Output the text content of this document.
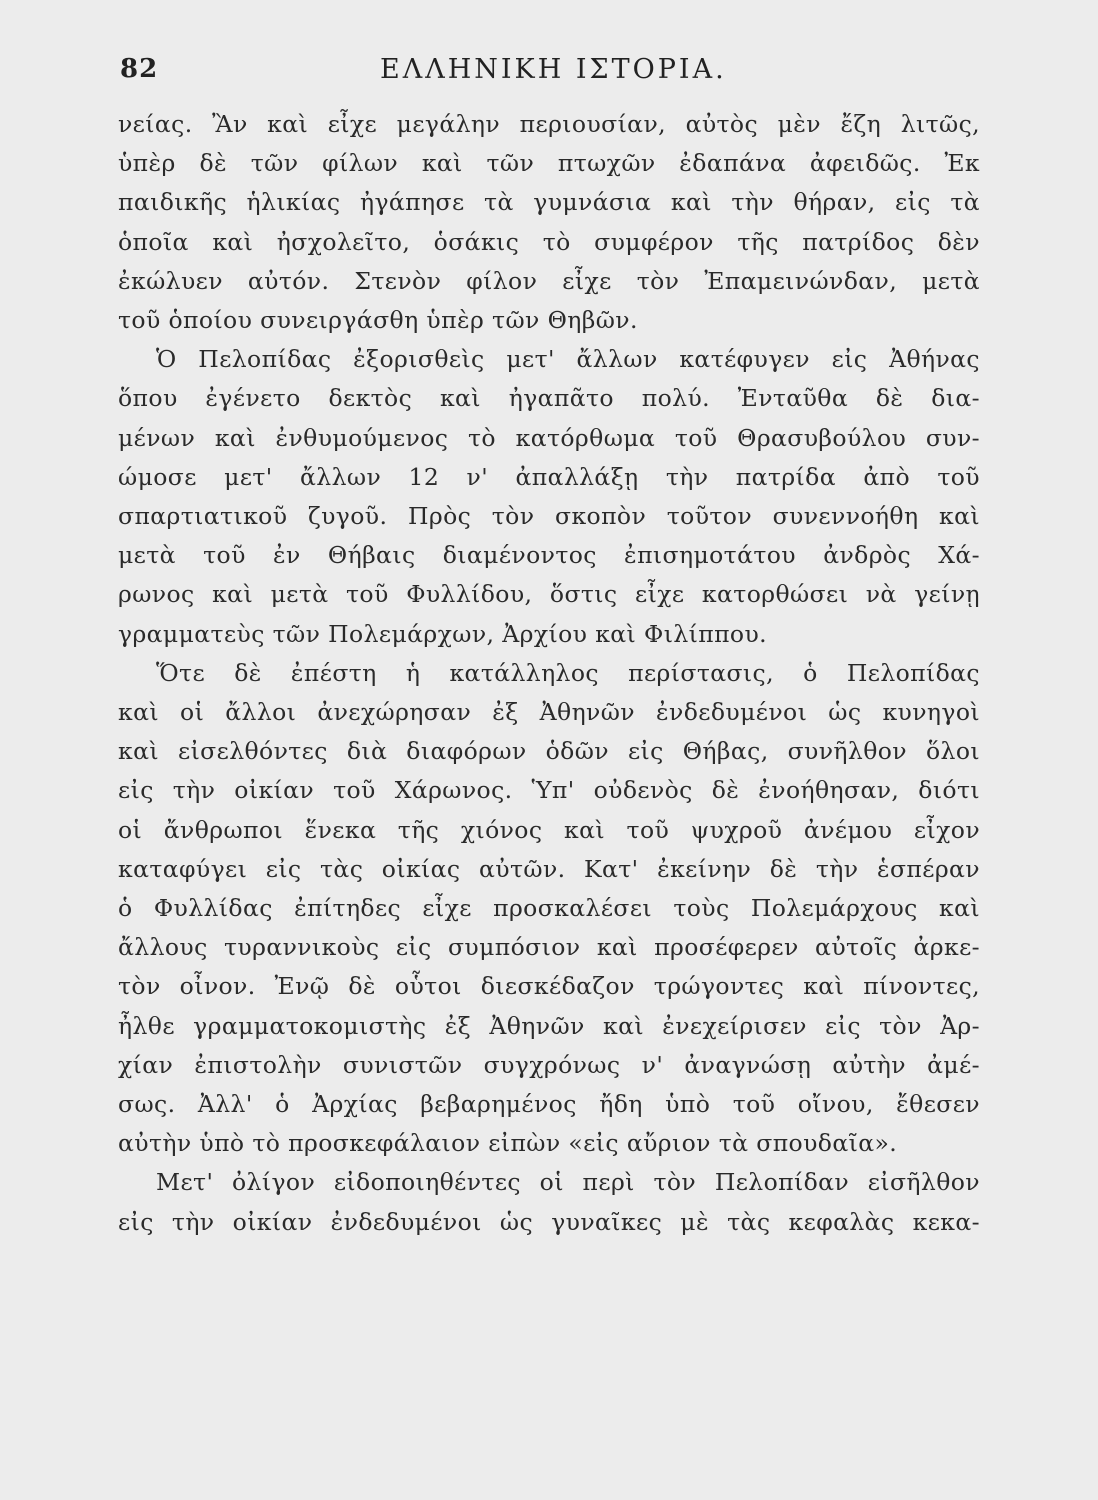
82	ΕΛΛΗΝΙΚΗ ΙΣΤΟΡΙΑ.
νείας. Ἂν καὶ εἶχε μεγάλην περιουσίαν, αὐτὸς μὲν ἔζη λιτῶς,
ὑπὲρ δὲ τῶν φίλων καὶ τῶν πτωχῶν ἐδαπάνα ἀφειδῶς. Ἐκ
παιδικῆς ἡλικίας ἠγάπησε τὰ γυμνάσια καὶ τὴν θήραν, εἰς τὰ
ὁποῖα καὶ ἠσχολεῖτο, ὁσάκις τὸ συμφέρον τῆς πατρίδος δὲν
ἐκώλυεν αὐτόν. Στενὸν φίλον εἶχε τὸν Ἐπαμεινώνδαν, μετὰ
τοῦ ὁποίου συνειργάσθη ὑπὲρ τῶν Θηβῶν.
Ὁ Πελοπίδας ἐξορισθεὶς μετ' ἄλλων κατέφυγεν εἰς Ἀθήνας
ὅπου ἐγένετο δεκτὸς καὶ ἠγαπᾶτο πολύ. Ἐνταῦθα δὲ δια-
μένων καὶ ἐνθυμούμενος τὸ κατόρθωμα τοῦ Θρασυβούλου συν-
ώμοσε μετ' ἄλλων 12 ν' ἀπαλλάξῃ τὴν πατρίδα ἀπὸ τοῦ
σπαρτιατικοῦ ζυγοῦ. Πρὸς τὸν σκοπὸν τοῦτον συνεννοήθη καὶ
μετὰ τοῦ ἐν Θήβαις διαμένοντος ἐπισημοτάτου ἀνδρὸς Χά-
ρωνος καὶ μετὰ τοῦ Φυλλίδου, ὅστις εἶχε κατορθώσει νὰ γείνῃ
γραμματεὺς τῶν Πολεμάρχων, Ἀρχίου καὶ Φιλίππου.
Ὅτε δὲ ἐπέστη ἡ κατάλληλος περίστασις, ὁ Πελοπίδας
καὶ οἱ ἄλλοι ἀνεχώρησαν ἐξ Ἀθηνῶν ἐνδεδυμένοι ὡς κυνηγοὶ
καὶ εἰσελθόντες διὰ διαφόρων ὁδῶν εἰς Θήβας, συνῆλθον ὅλοι
εἰς τὴν οἰκίαν τοῦ Χάρωνος. Ὑπ' οὐδενὸς δὲ ἐνοήθησαν, διότι
οἱ ἄνθρωποι ἕνεκα τῆς χιόνος καὶ τοῦ ψυχροῦ ἀνέμου εἶχον
καταφύγει εἰς τὰς οἰκίας αὐτῶν. Κατ' ἐκείνην δὲ τὴν ἑσπέραν
ὁ Φυλλίδας ἐπίτηδες εἶχε προσκαλέσει τοὺς Πολεμάρχους καὶ
ἄλλους τυραννικοὺς εἰς συμπόσιον καὶ προσέφερεν αὐτοῖς ἀρκε-
τὸν οἶνον. Ἐνῷ δὲ οὗτοι διεσκέδαζον τρώγοντες καὶ πίνοντες,
ἦλθε γραμματοκομιστὴς ἐξ Ἀθηνῶν καὶ ἐνεχείρισεν εἰς τὸν Ἀρ-
χίαν ἐπιστολὴν συνιστῶν συγχρόνως ν' ἀναγνώσῃ αὐτὴν ἀμέ-
σως. Ἀλλ' ὁ Ἀρχίας βεβαρημένος ἤδη ὑπὸ τοῦ οἴνου, ἔθεσεν
αὐτὴν ὑπὸ τὸ προσκεφάλαιον εἰπὼν «εἰς αὔριον τὰ σπουδαῖα».
Μετ' ὀλίγον εἰδοποιηθέντες οἱ περὶ τὸν Πελοπίδαν εἰσῆλθον
εἰς τὴν οἰκίαν ἐνδεδυμένοι ὡς γυναῖκες μὲ τὰς κεφαλὰς κεκα-
